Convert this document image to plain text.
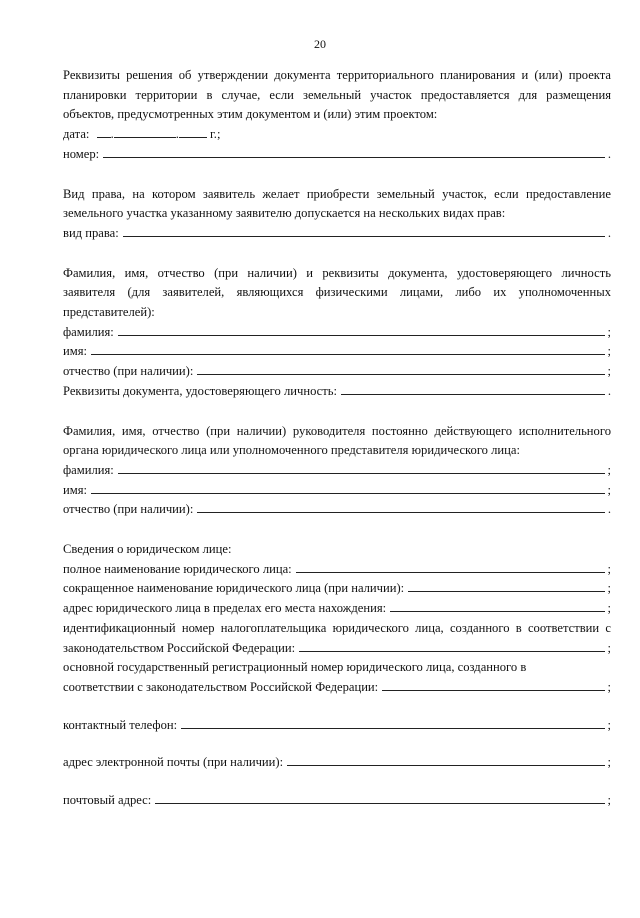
20
Реквизиты решения об утверждении документа территориального планирования и (или) проекта
планировки территории в случае, если земельный участок предоставляется для размещения
объектов, предусмотренных этим документом и (или) этим проектом:
дата: .	. г.;
номер:	.
Вид права, на котором заявитель желает приобрести земельный участок, если предоставление
земельного участка указанному заявителю допускается на нескольких видах прав:
вид права:	.
Фамилия, имя, отчество (при наличии) и реквизиты документа, удостоверяющего личность
заявителя (для заявителей, являющихся физическими лицами, либо их уполномоченных
представителей):
фамилия:	;
имя:	;
отчество (при наличии):	;
Реквизиты документа, удостоверяющего личность:	.
Фамилия, имя, отчество (при наличии) руководителя постоянно действующего исполнительного
органа юридического лица или уполномоченного представителя юридического лица:
фамилия:	;
имя:	;
отчество (при наличии):	.
Сведения о юридическом лице:
полное наименование юридического лица:	;
сокращенное наименование юридического лица (при наличии):	;
адрес юридического лица в пределах его места нахождения:	;
идентификационный номер налогоплательщика юридического лица, созданного в соответствии с
законодательством Российской Федерации:	;
основной государственный регистрационный номер юридического лица, созданного в
соответствии с законодательством Российской Федерации:	;
контактный телефон:	;
адрес электронной почты (при наличии):	;
почтовый адрес:	;
